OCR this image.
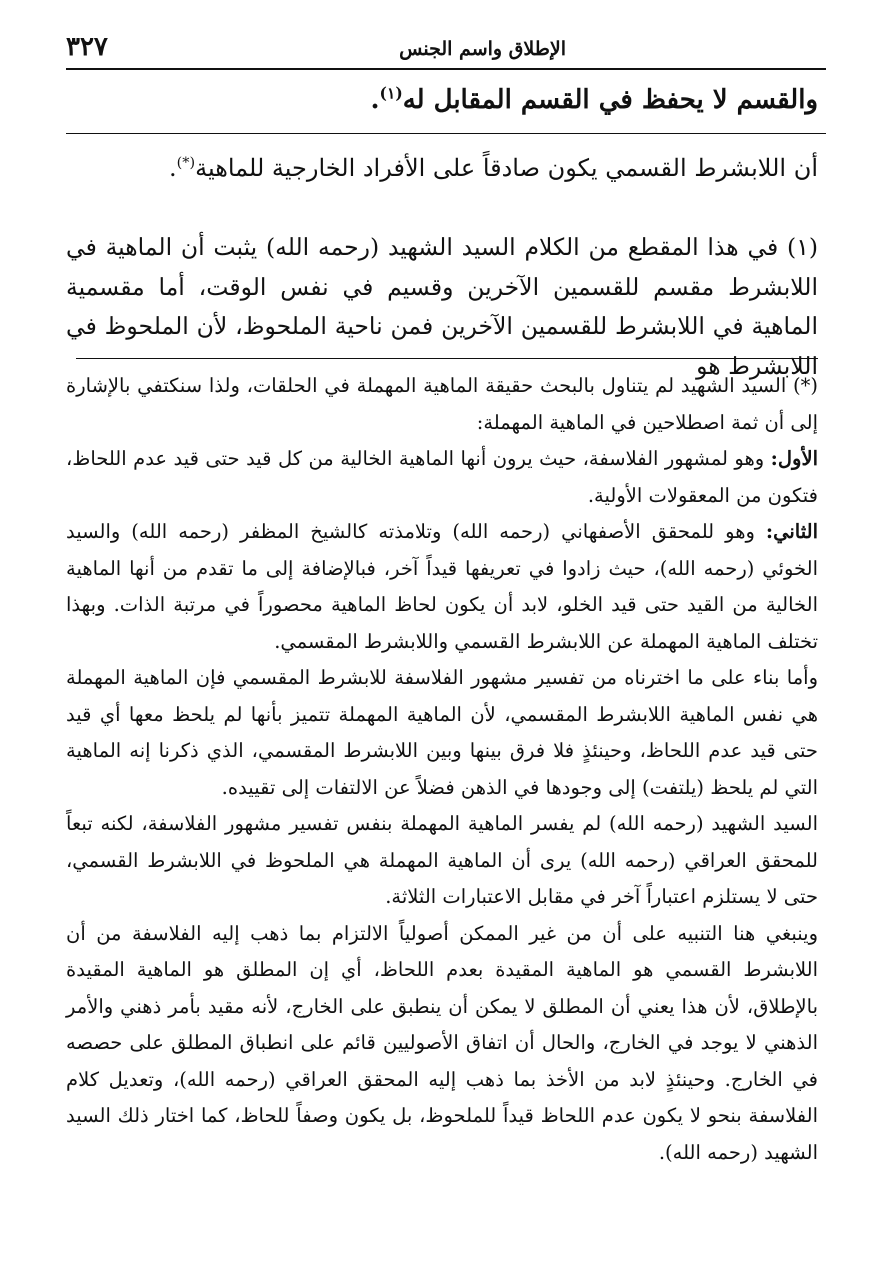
٣٢٧	الإطلاق واسم الجنس
والقسم لا يحفظ في القسم المقابل له$^{(١)}$.
أن اللابشرط القسمي يكون صادقاً على الأفراد الخارجية للماهية(*).
(١) في هذا المقطع من الكلام السيد الشهيد (رحمه الله) يثبت أن الماهية في اللابشرط مقسم للقسمين الآخرين وقسيم في نفس الوقت، أما مقسمية الماهية في اللابشرط للقسمين الآخرين فمن ناحية الملحوظ، لأن الملحوظ في اللابشرط هو

(*) السيد الشهيد لم يتناول بالبحث حقيقة الماهية المهملة في الحلقات، ولذا سنكتفي بالإشارة إلى أن ثمة اصطلاحين في الماهية المهملة:

الأول: وهو لمشهور الفلاسفة، حيث يرون أنها الماهية الخالية من كل قيد حتى قيد عدم اللحاظ، فتكون من المعقولات الأولية.

الثاني: وهو للمحقق الأصفهاني (رحمه الله) وتلامذته كالشيخ المظفر (رحمه الله) والسيد الخوئي (رحمه الله)، حيث زادوا في تعريفها قيداً آخر، فبالإضافة إلى ما تقدم من أنها الماهية الخالية من القيد حتى قيد الخلو، لابد أن يكون لحاظ الماهية محصوراً في مرتبة الذات. وبهذا تختلف الماهية المهملة عن اللابشرط القسمي واللابشرط المقسمي.

وأما بناء على ما اخترناه من تفسير مشهور الفلاسفة للابشرط المقسمي فإن الماهية المهملة هي نفس الماهية اللابشرط المقسمي، لأن الماهية المهملة تتميز بأنها لم يلحظ معها أي قيد حتى قيد عدم اللحاظ، وحينئذٍ فلا فرق بينها وبين اللابشرط المقسمي، الذي ذكرنا إنه الماهية التي لم يلحظ (يلتفت) إلى وجودها في الذهن فضلاً عن الالتفات إلى تقييده.

السيد الشهيد (رحمه الله) لم يفسر الماهية المهملة بنفس تفسير مشهور الفلاسفة، لكنه تبعاً للمحقق العراقي (رحمه الله) يرى أن الماهية المهملة هي الملحوظ في اللابشرط القسمي، حتى لا يستلزم اعتباراً آخر في مقابل الاعتبارات الثلاثة.

وينبغي هنا التنبيه على أن من غير الممكن أصولياً الالتزام بما ذهب إليه الفلاسفة من أن اللابشرط القسمي هو الماهية المقيدة بعدم اللحاظ، أي إن المطلق هو الماهية المقيدة بالإطلاق، لأن هذا يعني أن المطلق لا يمكن أن ينطبق على الخارج، لأنه مقيد بأمر ذهني والأمر الذهني لا يوجد في الخارج، والحال أن اتفاق الأصوليين قائم على انطباق المطلق على حصصه في الخارج. وحينئذٍ لابد من الأخذ بما ذهب إليه المحقق العراقي (رحمه الله)، وتعديل كلام الفلاسفة بنحو لا يكون عدم اللحاظ قيداً للملحوظ، بل يكون وصفاً للحاظ، كما اختار ذلك السيد الشهيد (رحمه الله).
